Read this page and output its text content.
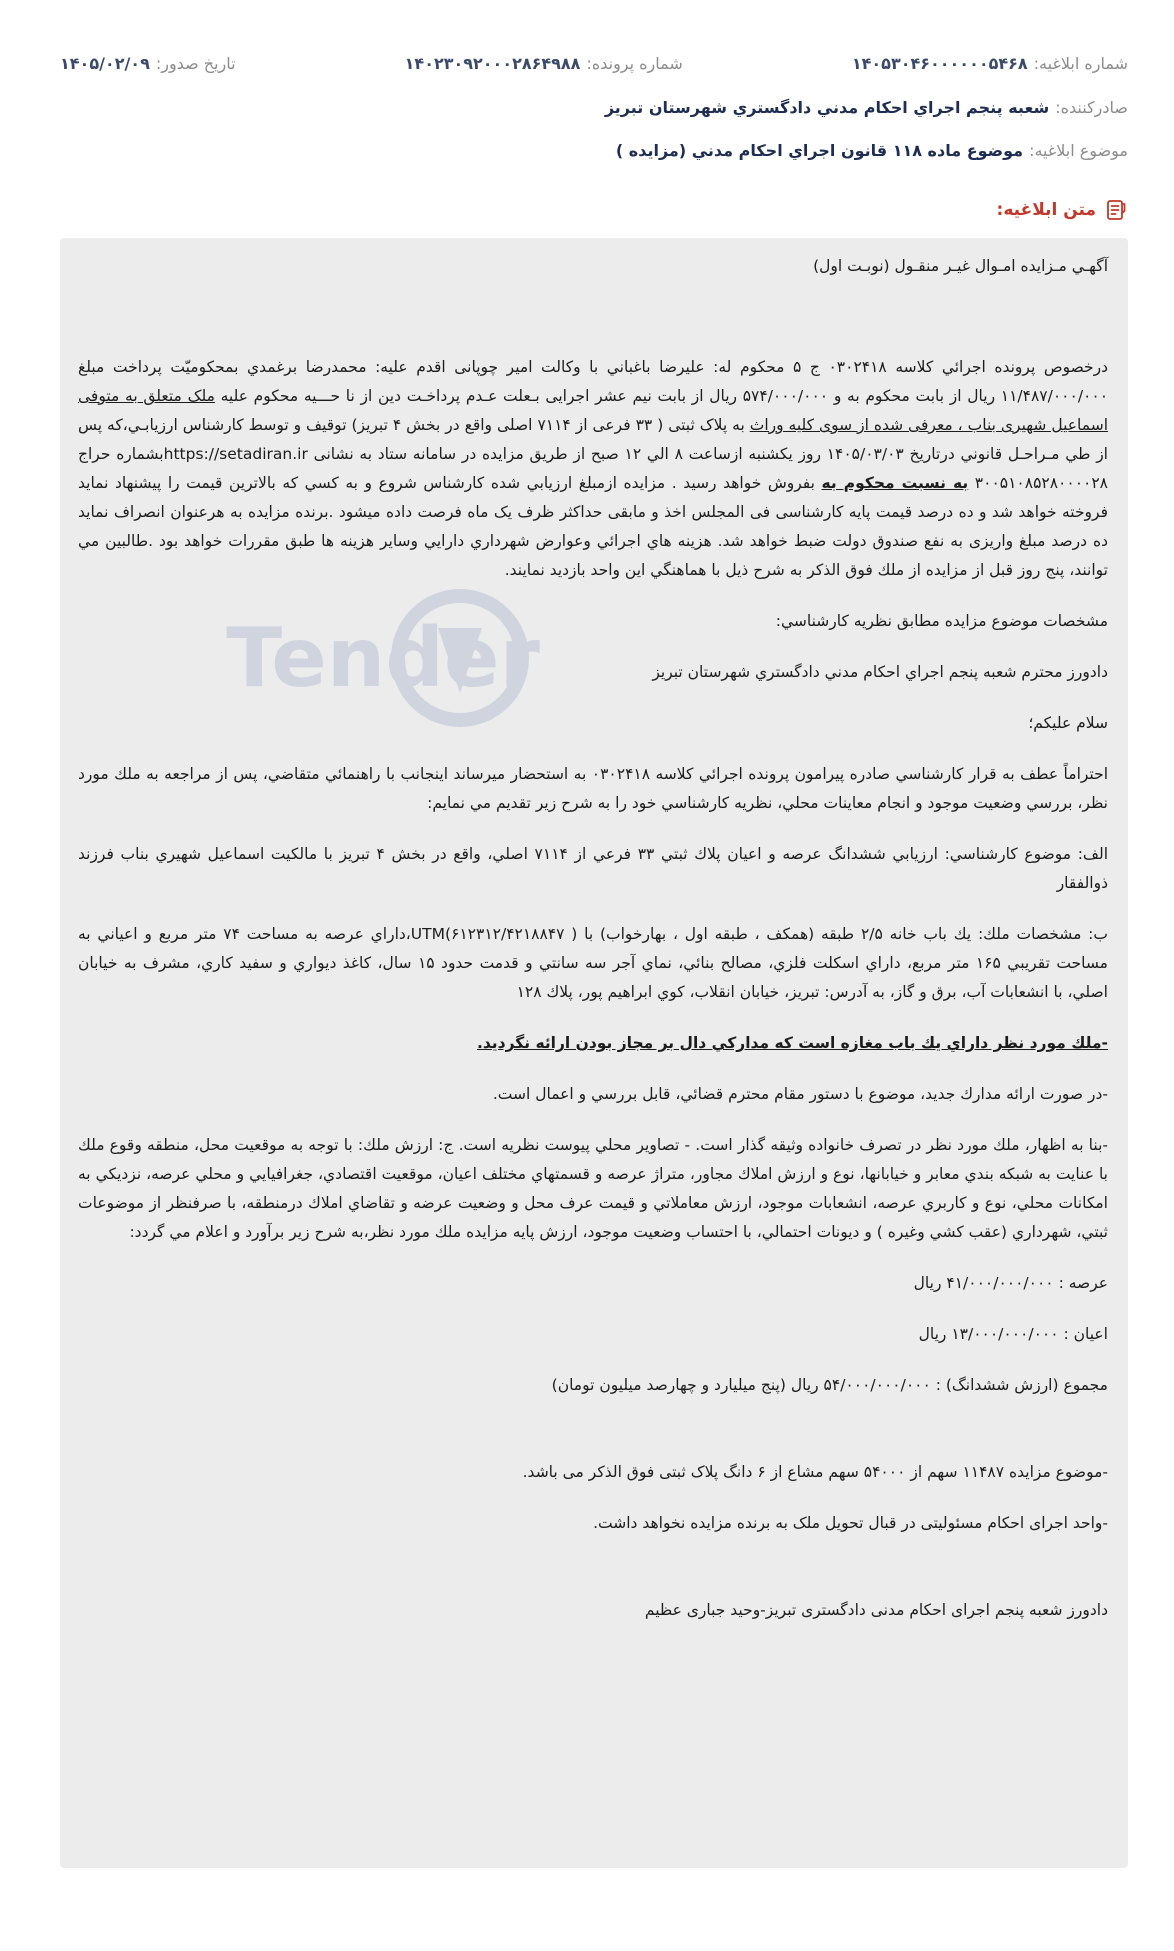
شماره ابلاغیه:
۱۴۰۵۳۰۴۶۰۰۰۰۰۰۵۴۶۸
شماره پرونده:
۱۴۰۲۳۰۹۲۰۰۰۲۸۶۴۹۸۸
تاریخ صدور:
۱۴۰۵/۰۲/۰۹
صادرکننده:
شعبه پنجم اجراي احكام مدني دادگستري شهرستان تبريز
موضوع ابلاغیه:
موضوع ماده ۱۱۸ قانون اجراي احكام مدني (مزايده )
متن ابلاغیه:
Tender

آگهـي مـزايده امـوال غيـر منقـول (نوبـت اول)

درخصوص پرونده اجرائي كلاسه ۰۳۰۲۴۱۸ ج ۵ محكوم له: عليرضا باغباني با وكالت امير چوپانی اقدم عليه: محمدرضا برغمدي بمحکومیّت پرداخت مبلغ ۱۱/۴۸۷/۰۰۰/۰۰۰ ريال از بابت محكوم به و ۵۷۴/۰۰۰/۰۰۰ ريال از بابت نيم عشر اجرايی بـعلت عـدم پرداخـت دين از نا حـــيه محكوم عليه ملک متعلق به متوفی اسماعیل شهیری بناب ، معرفی شده از سوی کلیه وراث به پلاک ثبتی ( ۳۳ فرعی از ۷۱۱۴ اصلی واقع در بخش ۴ تبریز) توقيف و توسط كارشناس ارزيابـي،كه پس از طي مـراحـل قانوني درتاريخ ۱۴۰۵/۰۳/۰۳ روز يكشنبه ازساعت ۸ الي ۱۲ صبح از طريق مزايده در سامانه ستاد به نشانی https://setadiran.irبشماره حراج ۳۰۰۵۱۰۸۵۲۸۰۰۰۰۲۸ به نسبت محكوم به بفروش خواهد رسيد . مزايده ازمبلغ ارزيابي شده كارشناس شروع و به كسي كه بالاترين قيمت را پيشنهاد نمايد فروخته خواهد شد و ده درصد قيمت پايه كارشناسی فی المجلس اخذ و مابقی حداكثر ظرف يک ماه فرصت داده ميشود .برنده مزايده به هرعنوان انصراف نمايد ده درصد مبلغ واريزی به نفع صندوق دولت ضبط خواهد شد. هزينه هاي اجرائي وعوارض شهرداري دارايي وساير هزينه ها طبق مقررات خواهد بود .طالبين مي توانند، پنج روز قبل از مزايده از ملك فوق الذكر به شرح ذيل با هماهنگي اين واحد بازديد نمايند.

مشخصات موضوع مزايده مطابق نظريه كارشناسي:

دادورز محترم شعبه پنجم اجراي احكام مدني دادگستري شهرستان تبريز

سلام عليكم؛

احتراماً عطف به قرار كارشناسي صادره پيرامون پرونده اجرائي كلاسه ۰۳۰۲۴۱۸ به استحضار ميرساند اينجانب با راهنمائي متقاضي، پس از مراجعه به ملك مورد نظر، بررسي وضعيت موجود و انجام معاينات محلي، نظريه كارشناسي خود را به شرح زير تقديم مي نمايم:

الف: موضوع كارشناسي: ارزيابي ششدانگ عرصه و اعيان پلاك ثبتي ۳۳ فرعي از ۷۱۱۴ اصلي، واقع در بخش ۴ تبريز با مالكيت اسماعيل شهيري بناب فرزند ذوالفقار

ب: مشخصات ملك: يك باب خانه ۲/۵ طبقه (همكف ، طبقه اول ، بهارخواب) با ( UTM(۶۱۲۳۱۲/۴۲۱۸۸۴۷،داراي عرصه به مساحت ۷۴ متر مربع و اعياني به مساحت تقريبي ۱۶۵ متر مربع، داراي اسكلت فلزي، مصالح بنائي، نماي آجر سه سانتي و قدمت حدود ۱۵ سال، كاغذ ديواري و سفيد كاري، مشرف به خيابان اصلي، با انشعابات آب، برق و گاز، به آدرس: تبريز، خيابان انقلاب، كوي ابراهيم پور، پلاك ۱۲۸

-ملك مورد نظر داراي يك باب مغازه است كه مداركي دال بر مجاز بودن ارائه نگرديد.

-در صورت ارائه مدارك جديد، موضوع با دستور مقام محترم قضائي، قابل بررسي و اعمال است.

-بنا به اظهار، ملك مورد نظر در تصرف خانواده وثيقه گذار است. - تصاوير محلي پيوست نظريه است. ج: ارزش ملك: با توجه به موقعيت محل، منطقه وقوع ملك با عنايت به شبكه بندي معابر و خيابانها، نوع و ارزش املاك مجاور، متراژ عرصه و قسمتهاي مختلف اعيان، موقعيت اقتصادي، جغرافيايي و محلي عرصه، نزديكي به امكانات محلي، نوع و كاربري عرصه، انشعابات موجود، ارزش معاملاتي و قيمت عرف محل و وضعيت عرضه و تقاضاي املاك درمنطقه، با صرفنظر از موضوعات ثبتي، شهرداري (عقب كشي وغيره ) و ديونات احتمالي، با احتساب وضعيت موجود، ارزش پايه مزايده ملك مورد نظر،به شرح زير برآورد و اعلام مي گردد:

عرصه : ۴۱/۰۰۰/۰۰۰/۰۰۰ ريال

اعيان : ۱۳/۰۰۰/۰۰۰/۰۰۰ ريال

مجموع (ارزش ششدانگ) : ۵۴/۰۰۰/۰۰۰/۰۰۰ ريال (پنج ميليارد و چهارصد ميليون تومان)

-موضوع مزایده ۱۱۴۸۷ سهم از ۵۴۰۰۰ سهم مشاع از ۶ دانگ پلاک ثبتی فوق الذکر می باشد.

-واحد اجرای احکام مسئولیتی در قبال تحویل ملک به برنده مزایده نخواهد داشت.

دادورز شعبه پنجم اجرای احکام مدنی دادگستری تبریز-وحید جباری عظیم
